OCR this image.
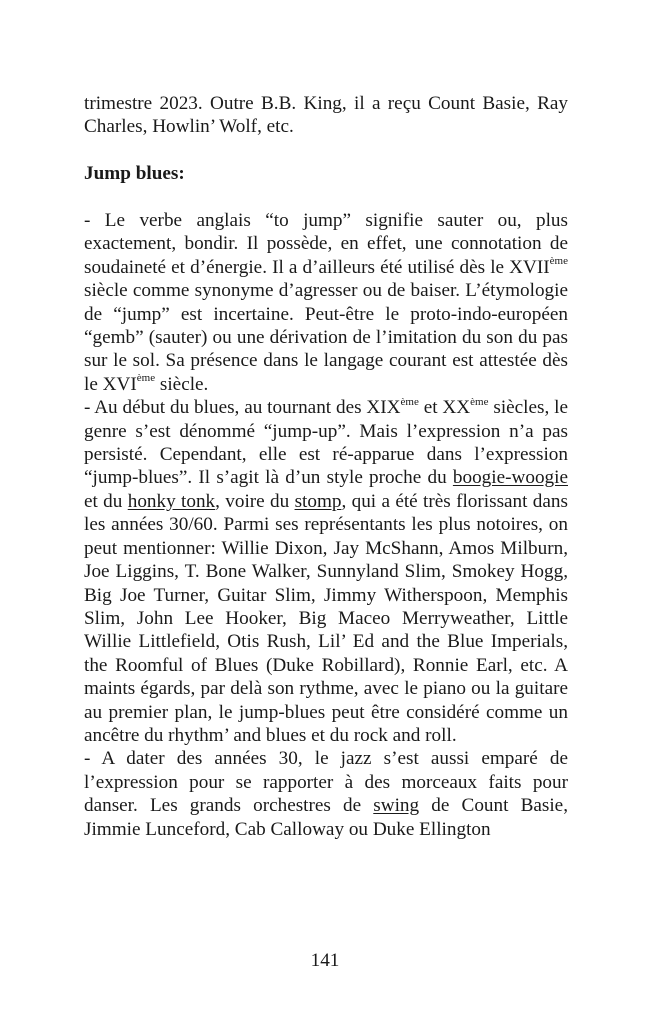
trimestre 2023. Outre B.B. King, il a reçu Count Basie, Ray Charles, Howlin’ Wolf, etc.

Jump blues:

- Le verbe anglais “to jump” signifie sauter ou, plus exactement, bondir. Il possède, en effet, une connotation de soudaineté et d’énergie. Il a d’ailleurs été utilisé dès le XVIIème siècle comme synonyme d’agresser ou de baiser. L’étymologie de “jump” est incertaine. Peut-être le proto-indo-européen “gemb” (sauter) ou une dérivation de l’imitation du son du pas sur le sol. Sa présence dans le langage courant est attestée dès le XVIème siècle.

- Au début du blues, au tournant des XIXème et XXème siècles, le genre s’est dénommé “jump-up”. Mais l’expression n’a pas persisté. Cependant, elle est ré-apparue dans l’expression “jump-blues”. Il s’agit là d’un style proche du boogie-woogie et du honky tonk, voire du stomp, qui a été très florissant dans les années 30/60. Parmi ses représentants les plus notoires, on peut mentionner: Willie Dixon, Jay McShann, Amos Milburn, Joe Liggins, T. Bone Walker, Sunnyland Slim, Smokey Hogg, Big Joe Turner, Guitar Slim, Jimmy Witherspoon, Memphis Slim, John Lee Hooker, Big Maceo Merryweather, Little Willie Littlefield, Otis Rush, Lil’ Ed and the Blue Imperials, the Roomful of Blues (Duke Robillard), Ronnie Earl, etc. A maints égards, par delà son rythme, avec le piano ou la guitare au premier plan, le jump-blues peut être considéré comme un ancêtre du rhythm’ and blues et du rock and roll.

- A dater des années 30, le jazz s’est aussi emparé de l’expression pour se rapporter à des morceaux faits pour danser. Les grands orchestres de swing de Count Basie, Jimmie Lunceford, Cab Calloway ou Duke Ellington

141
